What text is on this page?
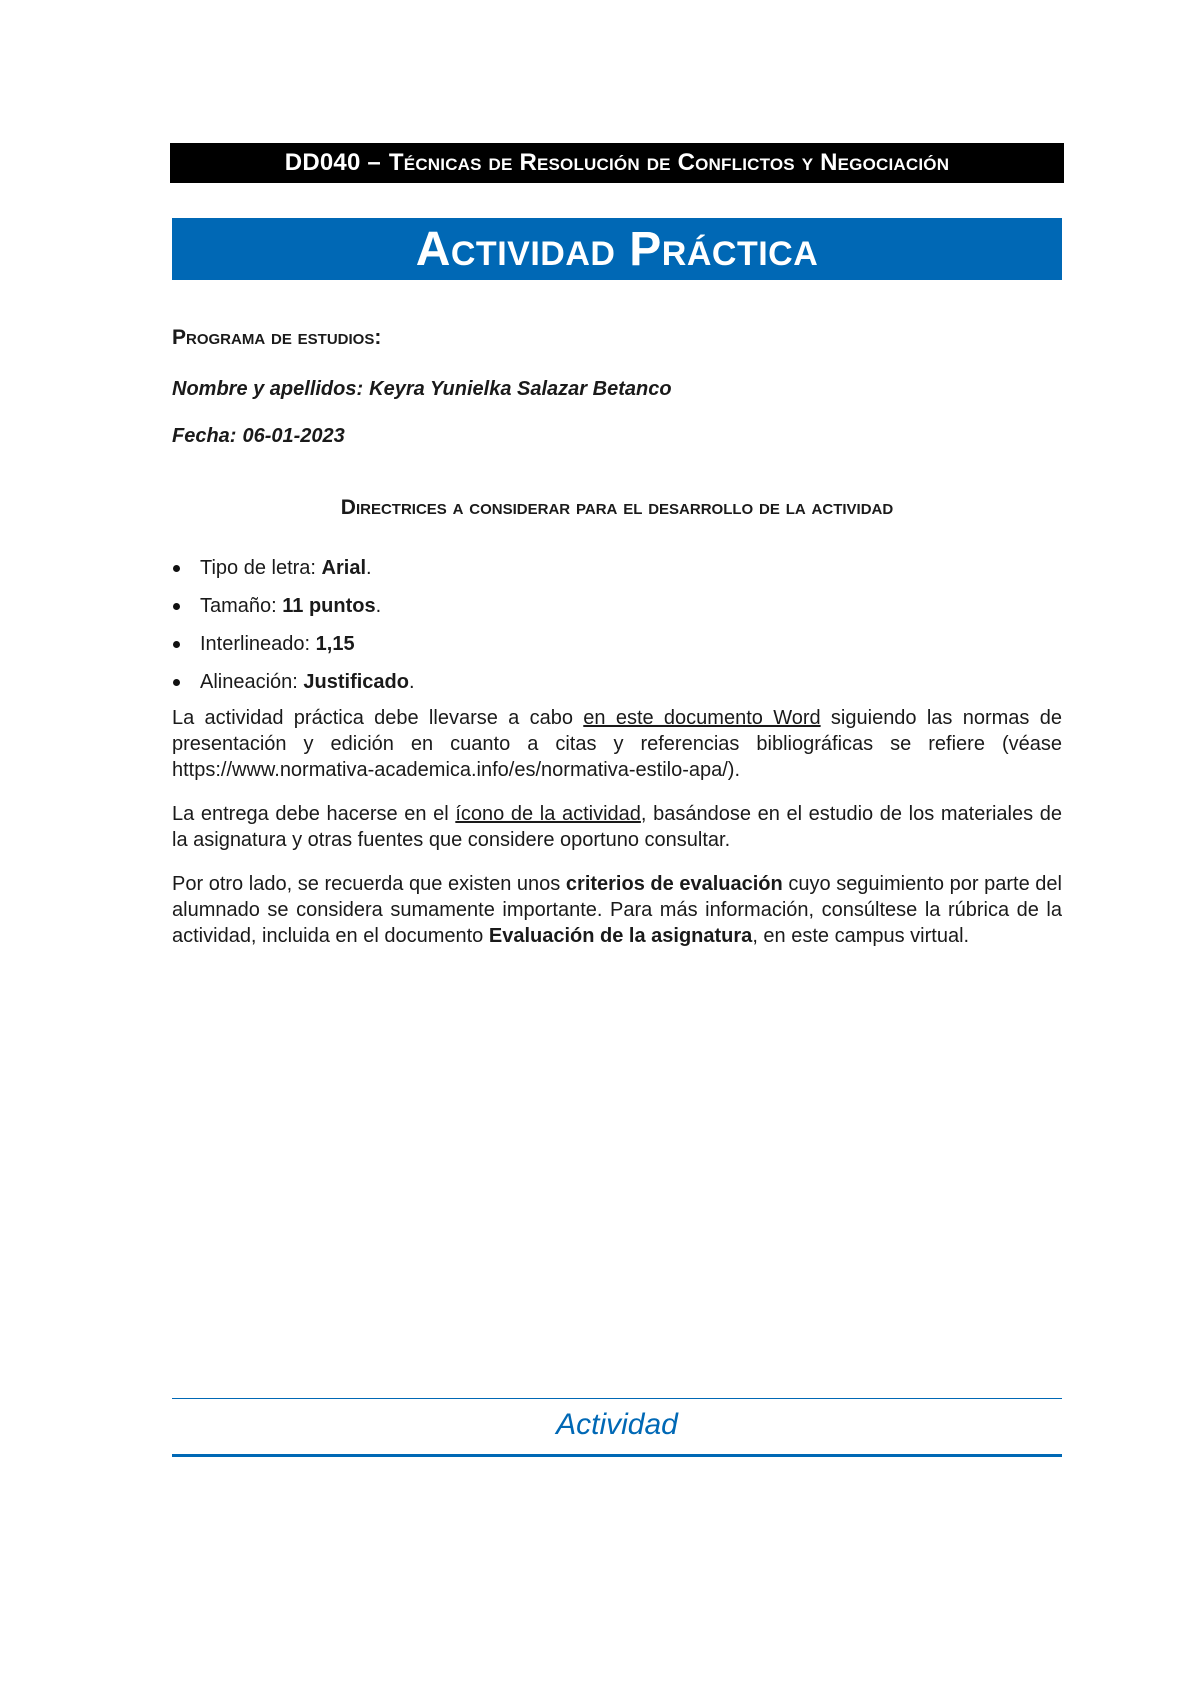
DD040 – Técnicas de Resolución de Conflictos y Negociación
Actividad Práctica
Programa de estudios:
Nombre y apellidos: Keyra Yunielka Salazar Betanco
Fecha: 06-01-2023
Directrices a considerar para el desarrollo de la actividad
Tipo de letra: Arial.
Tamaño: 11 puntos.
Interlineado: 1,15
Alineación: Justificado.

La actividad práctica debe llevarse a cabo en este documento Word siguiendo las normas de presentación y edición en cuanto a citas y referencias bibliográficas se refiere (véase https://www.normativa-academica.info/es/normativa-estilo-apa/).

La entrega debe hacerse en el ícono de la actividad, basándose en el estudio de los materiales de la asignatura y otras fuentes que considere oportuno consultar.

Por otro lado, se recuerda que existen unos criterios de evaluación cuyo seguimiento por parte del alumnado se considera sumamente importante. Para más información, consúltese la rúbrica de la actividad, incluida en el documento Evaluación de la asignatura, en este campus virtual.

Actividad
